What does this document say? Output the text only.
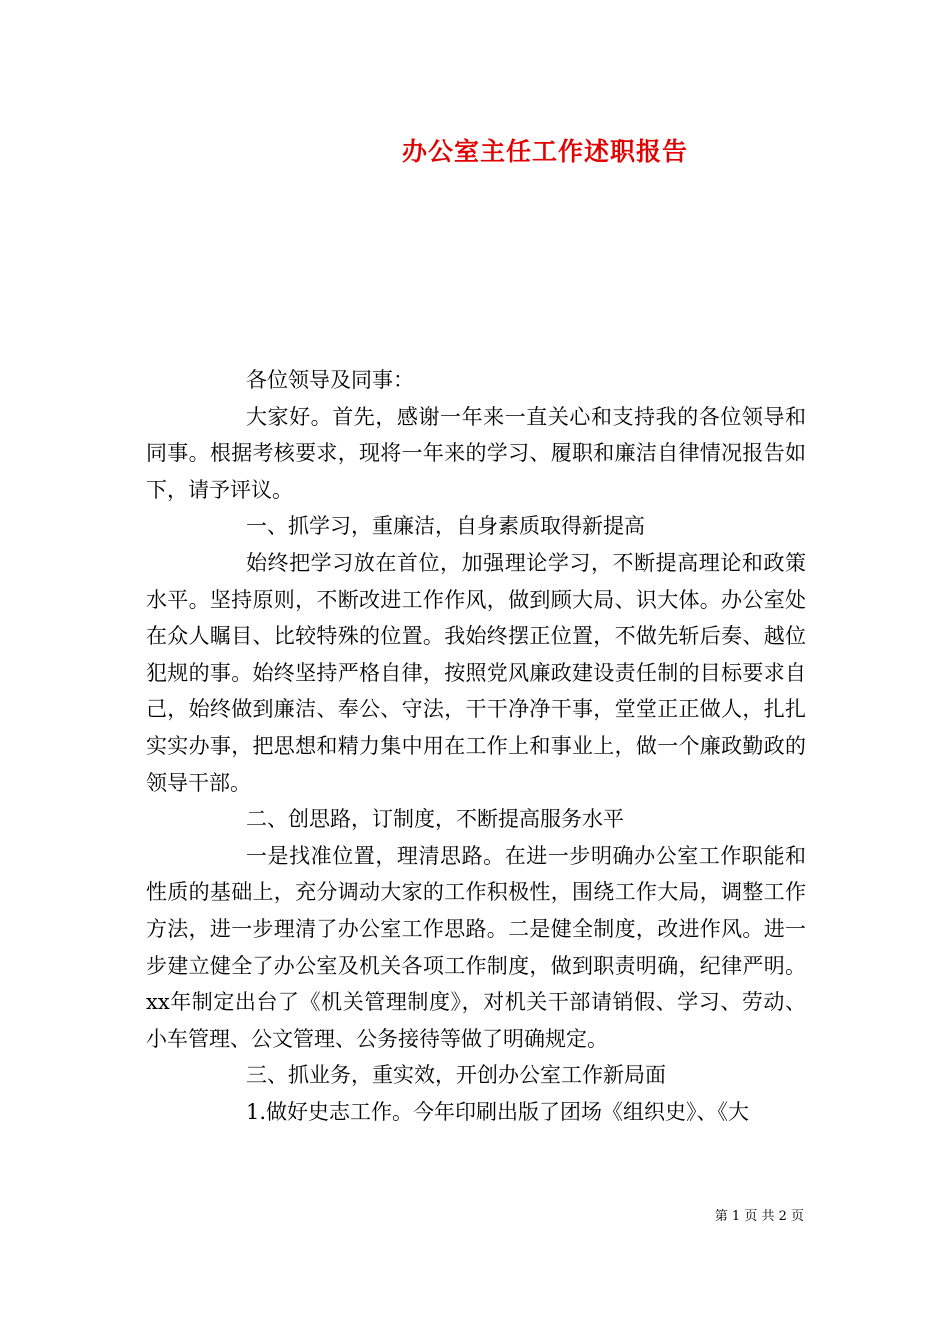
办公室主任工作述职报告

各位领导及同事：

大家好。首先，感谢一年来一直关心和支持我的各位领导和同事。根据考核要求，现将一年来的学习、履职和廉洁自律情况报告如下，请予评议。

一、抓学习，重廉洁，自身素质取得新提高

始终把学习放在首位，加强理论学习，不断提高理论和政策水平。坚持原则，不断改进工作作风，做到顾大局、识大体。办公室处在众人瞩目、比较特殊的位置。我始终摆正位置，不做先斩后奏、越位犯规的事。始终坚持严格自律，按照党风廉政建设责任制的目标要求自己，始终做到廉洁、奉公、守法，干干净净干事，堂堂正正做人，扎扎实实办事，把思想和精力集中用在工作上和事业上，做一个廉政勤政的领导干部。

二、创思路，订制度，不断提高服务水平

一是找准位置，理清思路。在进一步明确办公室工作职能和性质的基础上，充分调动大家的工作积极性，围绕工作大局，调整工作方法，进一步理清了办公室工作思路。二是健全制度，改进作风。进一步建立健全了办公室及机关各项工作制度，做到职责明确，纪律严明。xx年制定出台了《机关管理制度》，对机关干部请销假、学习、劳动、小车管理、公文管理、公务接待等做了明确规定。

三、抓业务，重实效，开创办公室工作新局面

1.做好史志工作。今年印刷出版了团场《组织史》、《大

第 1 页 共 2 页
